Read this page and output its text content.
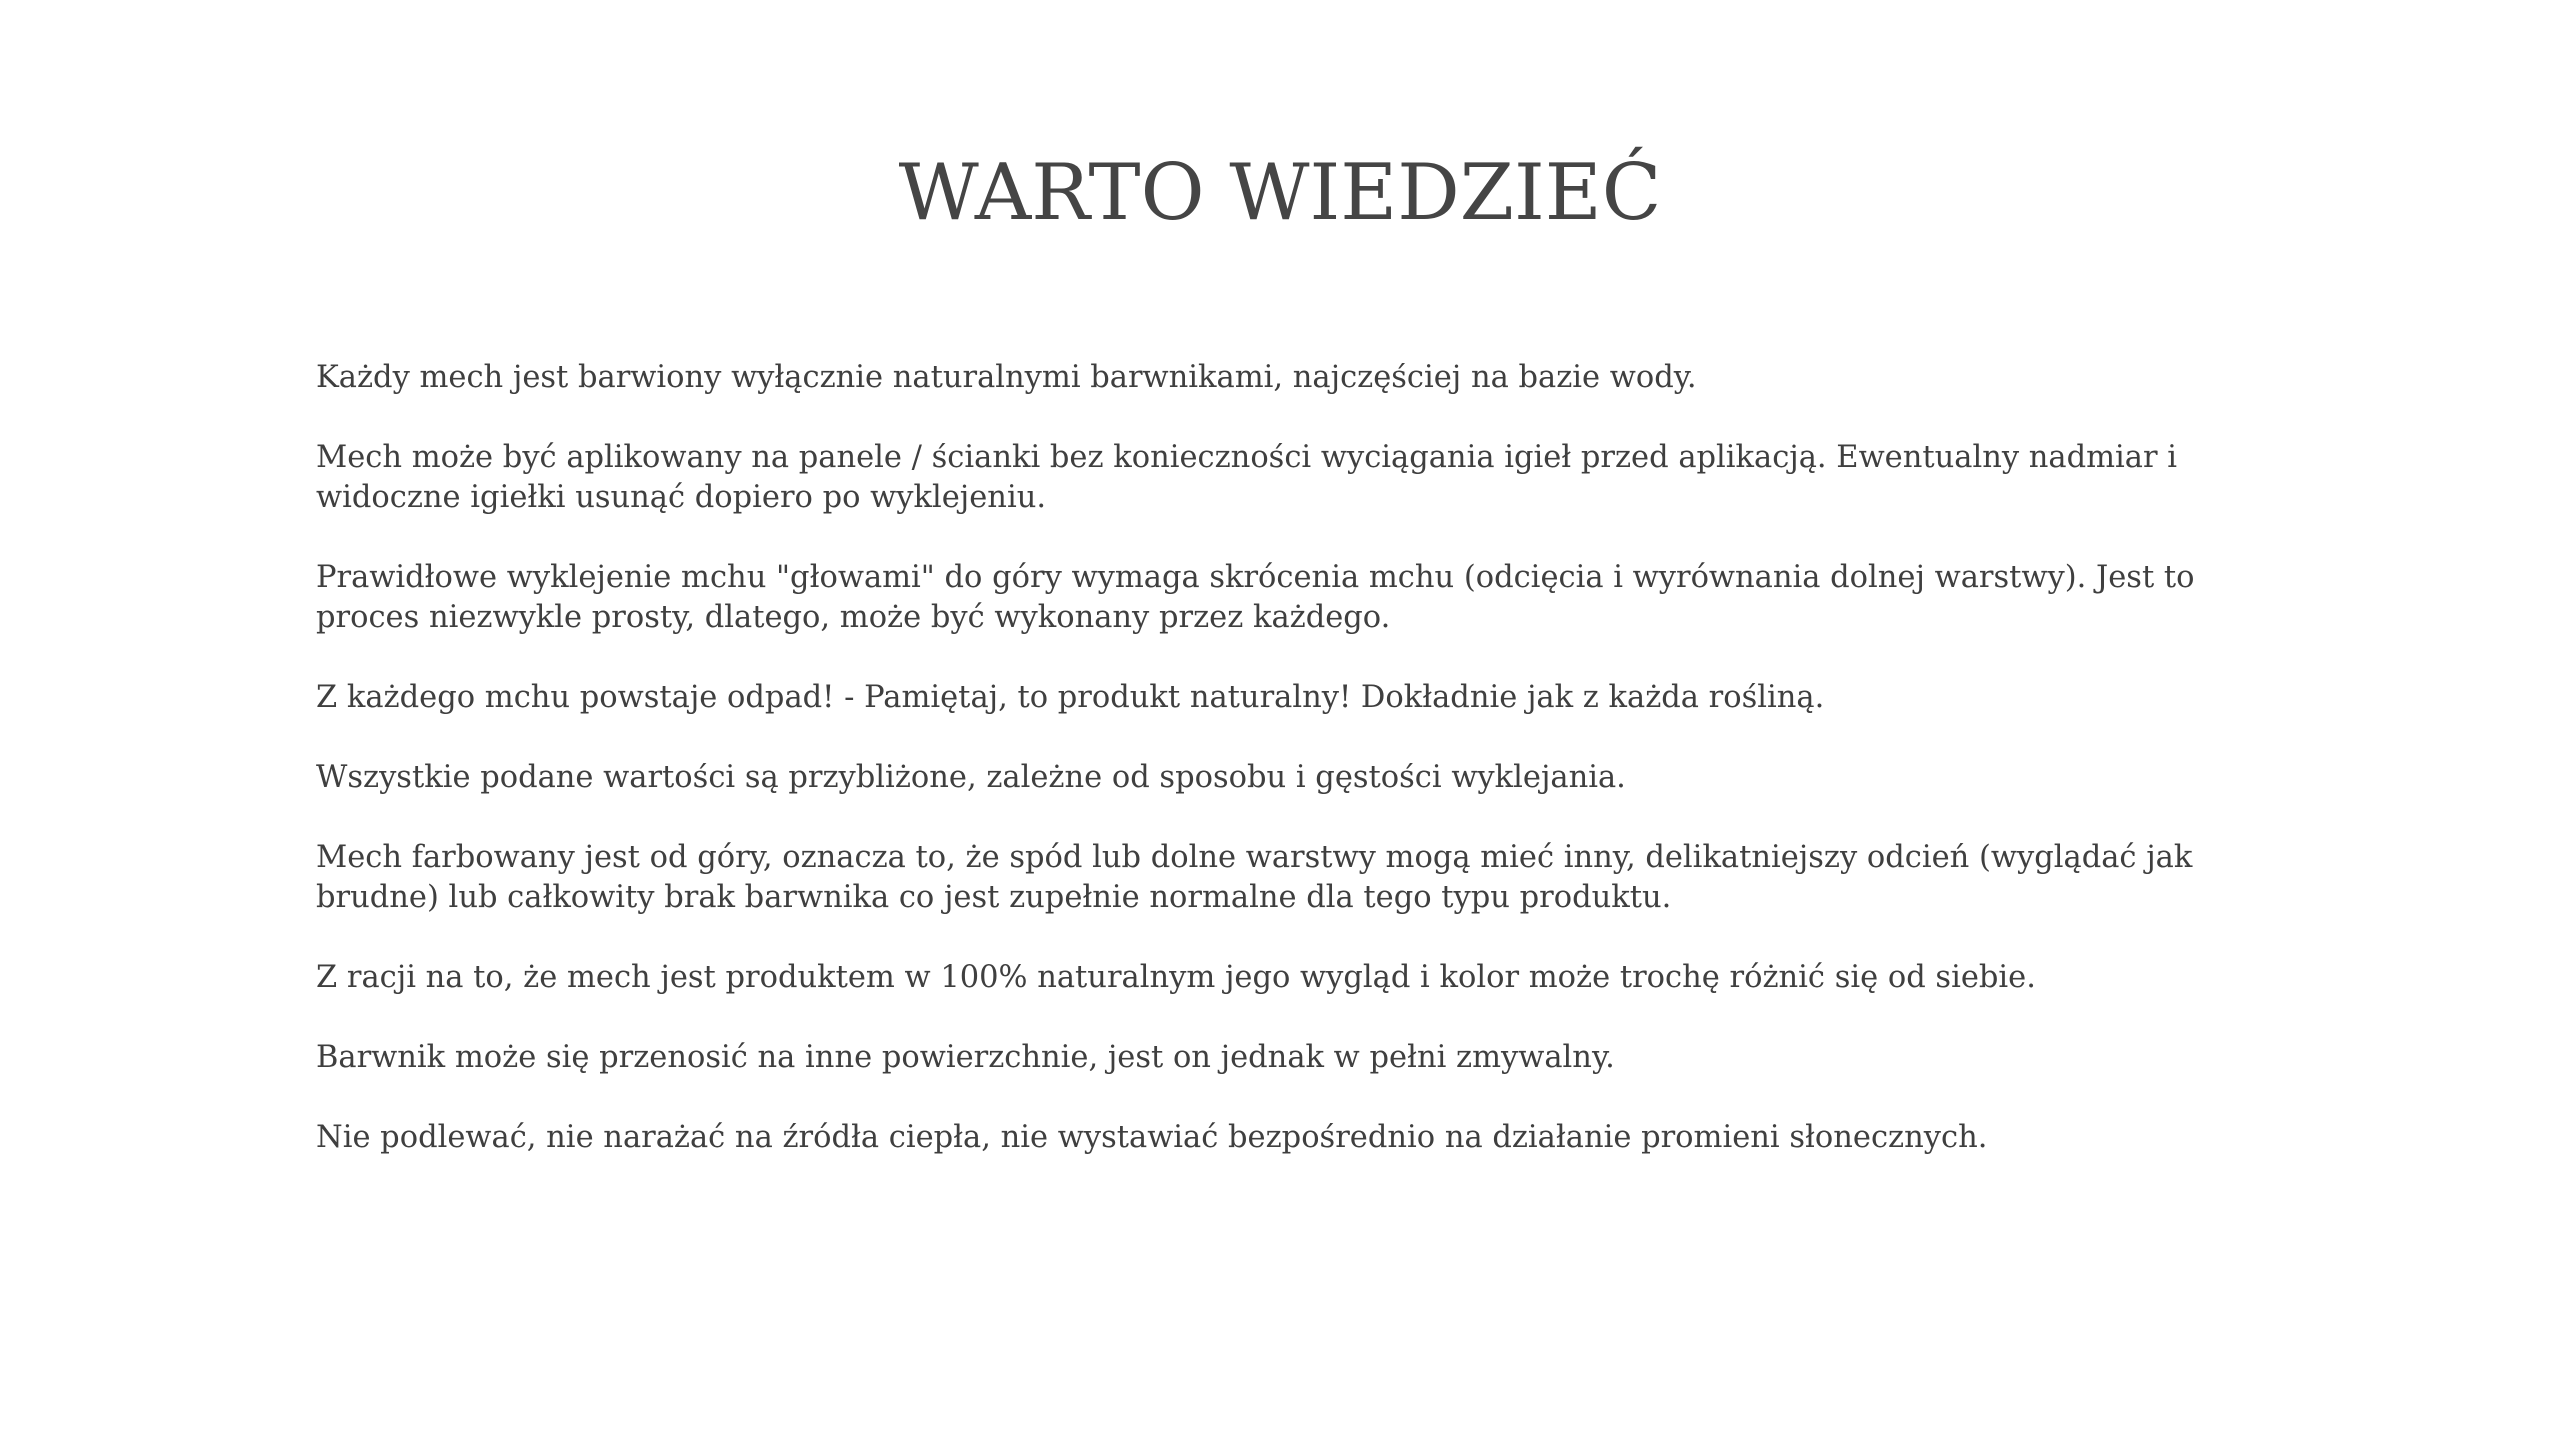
WARTO WIEDZIEĆ

Każdy mech jest barwiony wyłącznie naturalnymi barwnikami, najczęściej na bazie wody.

Mech może być aplikowany na panele / ścianki bez konieczności wyciągania igieł przed aplikacją. Ewentualny nadmiar i widoczne igiełki usunąć dopiero po wyklejeniu.

Prawidłowe wyklejenie mchu "głowami" do góry wymaga skrócenia mchu (odcięcia i wyrównania dolnej warstwy). Jest to proces niezwykle prosty, dlatego, może być wykonany przez każdego.

Z każdego mchu powstaje odpad! - Pamiętaj, to produkt naturalny! Dokładnie jak z każda rośliną.

Wszystkie podane wartości są przybliżone, zależne od sposobu i gęstości wyklejania.

Mech farbowany jest od góry, oznacza to, że spód lub dolne warstwy mogą mieć inny, delikatniejszy odcień (wyglądać jak brudne) lub całkowity brak barwnika co jest zupełnie normalne dla tego typu produktu.

Z racji na to, że mech jest produktem w 100% naturalnym jego wygląd i kolor może trochę różnić się od siebie.

Barwnik może się przenosić na inne powierzchnie, jest on jednak w pełni zmywalny.

Nie podlewać, nie narażać na źródła ciepła, nie wystawiać bezpośrednio na działanie promieni słonecznych.
